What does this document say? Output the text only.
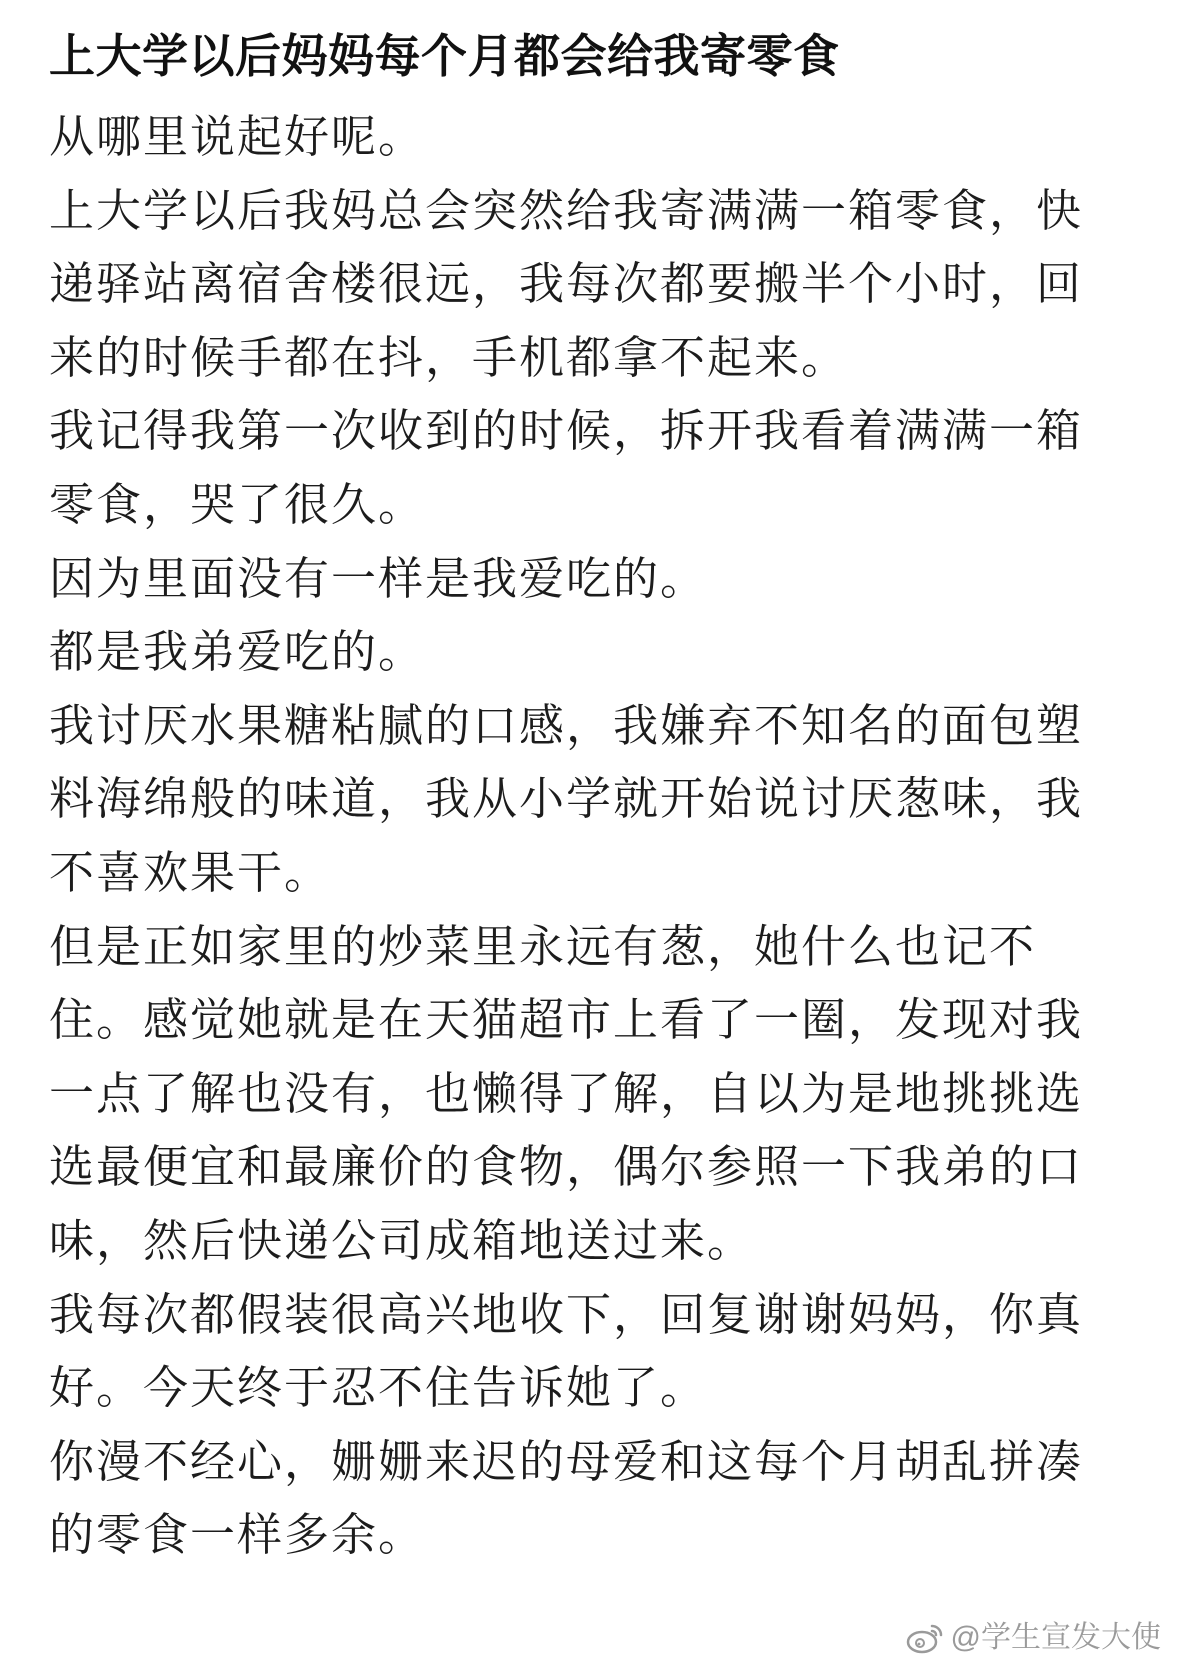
上大学以后妈妈每个月都会给我寄零食
从哪里说起好呢。
上大学以后我妈总会突然给我寄满满一箱零食，快
递驿站离宿舍楼很远，我每次都要搬半个小时，回
来的时候手都在抖，手机都拿不起来。
我记得我第一次收到的时候，拆开我看着满满一箱
零食，哭了很久。
因为里面没有一样是我爱吃的。
都是我弟爱吃的。
我讨厌水果糖粘腻的口感，我嫌弃不知名的面包塑
料海绵般的味道，我从小学就开始说讨厌葱味，我
不喜欢果干。
但是正如家里的炒菜里永远有葱，她什么也记不
住。感觉她就是在天猫超市上看了一圈，发现对我
一点了解也没有，也懒得了解，自以为是地挑挑选
选最便宜和最廉价的食物，偶尔参照一下我弟的口
味，然后快递公司成箱地送过来。
我每次都假装很高兴地收下，回复谢谢妈妈，你真
好。今天终于忍不住告诉她了。
你漫不经心，姗姗来迟的母爱和这每个月胡乱拼凑
的零食一样多余。
@学生宣发大使
